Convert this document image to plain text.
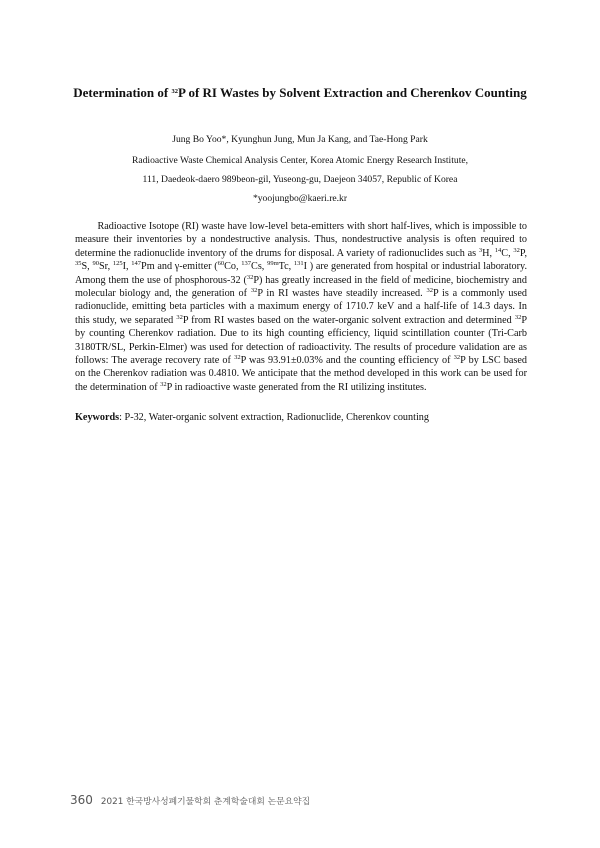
Determination of $^{32}$P of RI Wastes by Solvent Extraction and Cherenkov Counting
Jung Bo Yoo*, Kyunghun Jung, Mun Ja Kang, and Tae-Hong Park
Radioactive Waste Chemical Analysis Center, Korea Atomic Energy Research Institute,
111, Daedeok-daero 989beon-gil, Yuseong-gu, Daejeon 34057, Republic of Korea
*yoojungbo@kaeri.re.kr
Radioactive Isotope (RI) waste have low-level beta-emitters with short half-lives, which is impossible to measure their inventories by a nondestructive analysis. Thus, nondestructive analysis is often required to determine the radionuclide inventory of the drums for disposal. A variety of radionuclides such as $^3$H, $^{14}$C, $^{32}$P, $^{35}$S, $^{90}$Sr, $^{125}$I, $^{147}$Pm and γ-emitter ($^{60}$Co, $^{137}$Cs, $^{99m}$Tc, $^{131}$I ) are generated from hospital or industrial laboratory. Among them the use of phosphorous-32 ($^{32}$P) has greatly increased in the field of medicine, biochemistry and molecular biology and, the generation of $^{32}$P in RI wastes have steadily increased. $^{32}$P is a commonly used radionuclide, emitting beta particles with a maximum energy of 1710.7 keV and a half-life of 14.3 days. In this study, we separated $^{32}$P from RI wastes based on the water-organic solvent extraction and determined $^{32}$P by counting Cherenkov radiation. Due to its high counting efficiency, liquid scintillation counter (Tri-Carb 3180TR/SL, Perkin-Elmer) was used for detection of radioactivity. The results of procedure validation are as follows: The average recovery rate of $^{32}$P was 93.91±0.03% and the counting efficiency of $^{32}$P by LSC based on the Cherenkov radiation was 0.4810. We anticipate that the method developed in this work can be used for the determination of $^{32}$P in radioactive waste generated from the RI utilizing institutes.
Keywords: P-32, Water-organic solvent extraction, Radionuclide, Cherenkov counting
360 2021 한국방사성폐기물학회 춘계학술대회 논문요약집
